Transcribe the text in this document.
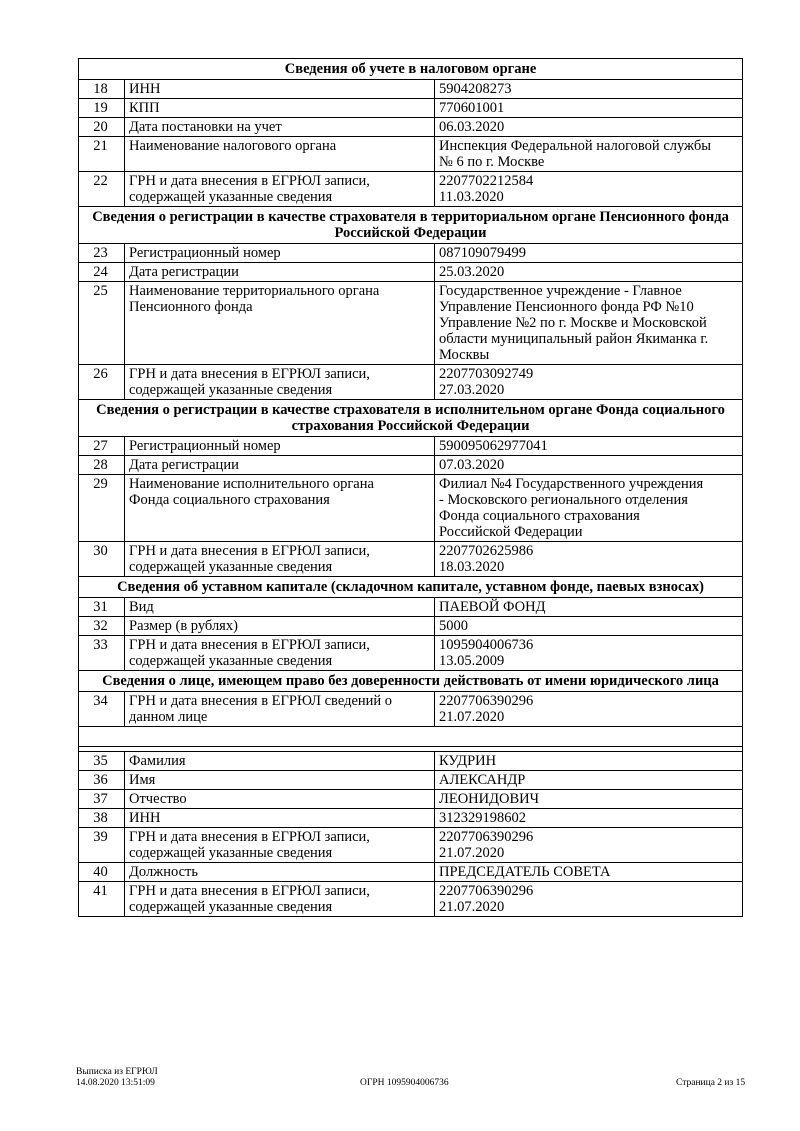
Сведения об учете в налоговом органе		
18	ИНН	5904208273
19	КПП	770601001
20	Дата постановки на учет	06.03.2020
21	Наименование налогового органа	Инспекция Федеральной налоговой службы
№ 6 по г. Москве
22	ГРН и дата внесения в ЕГРЮЛ записи,
содержащей указанные сведения	2207702212584
11.03.2020
Сведения о регистрации в качестве страхователя в территориальном органе Пенсионного фонда Российской Федерации		
23	Регистрационный номер	087109079499
24	Дата регистрации	25.03.2020
25	Наименование территориального органа
Пенсионного фонда	Государственное учреждение - Главное
Управление Пенсионного фонда РФ №10
Управление №2 по г. Москве и Московской
области муниципальный район Якиманка г.
Москвы
26	ГРН и дата внесения в ЕГРЮЛ записи,
содержащей указанные сведения	2207703092749
27.03.2020
Сведения о регистрации в качестве страхователя в исполнительном органе Фонда социального страхования Российской Федерации		
27	Регистрационный номер	590095062977041
28	Дата регистрации	07.03.2020
29	Наименование исполнительного органа
Фонда социального страхования	Филиал №4 Государственного учреждения
- Московского регионального отделения
Фонда социального страхования
Российской Федерации
30	ГРН и дата внесения в ЕГРЮЛ записи,
содержащей указанные сведения	2207702625986
18.03.2020
Сведения об уставном капитале (складочном капитале, уставном фонде, паевых взносах)		
31	Вид	ПАЕВОЙ ФОНД
32	Размер (в рублях)	5000
33	ГРН и дата внесения в ЕГРЮЛ записи,
содержащей указанные сведения	1095904006736
13.05.2009
Сведения о лице, имеющем право без доверенности действовать от имени юридического лица		
34	ГРН и дата внесения в ЕГРЮЛ сведений о
данном лице	2207706390296
21.07.2020

35	Фамилия	КУДРИН
36	Имя	АЛЕКСАНДР
37	Отчество	ЛЕОНИДОВИЧ
38	ИНН	312329198602
39	ГРН и дата внесения в ЕГРЮЛ записи,
содержащей указанные сведения	2207706390296
21.07.2020
40	Должность	ПРЕДСЕДАТЕЛЬ СОВЕТА
41	ГРН и дата внесения в ЕГРЮЛ записи,
содержащей указанные сведения	2207706390296
21.07.2020
Выписка из ЕГРЮЛ
14.08.2020 13:51:09	ОГРН 1095904006736	Страница 2 из 15
